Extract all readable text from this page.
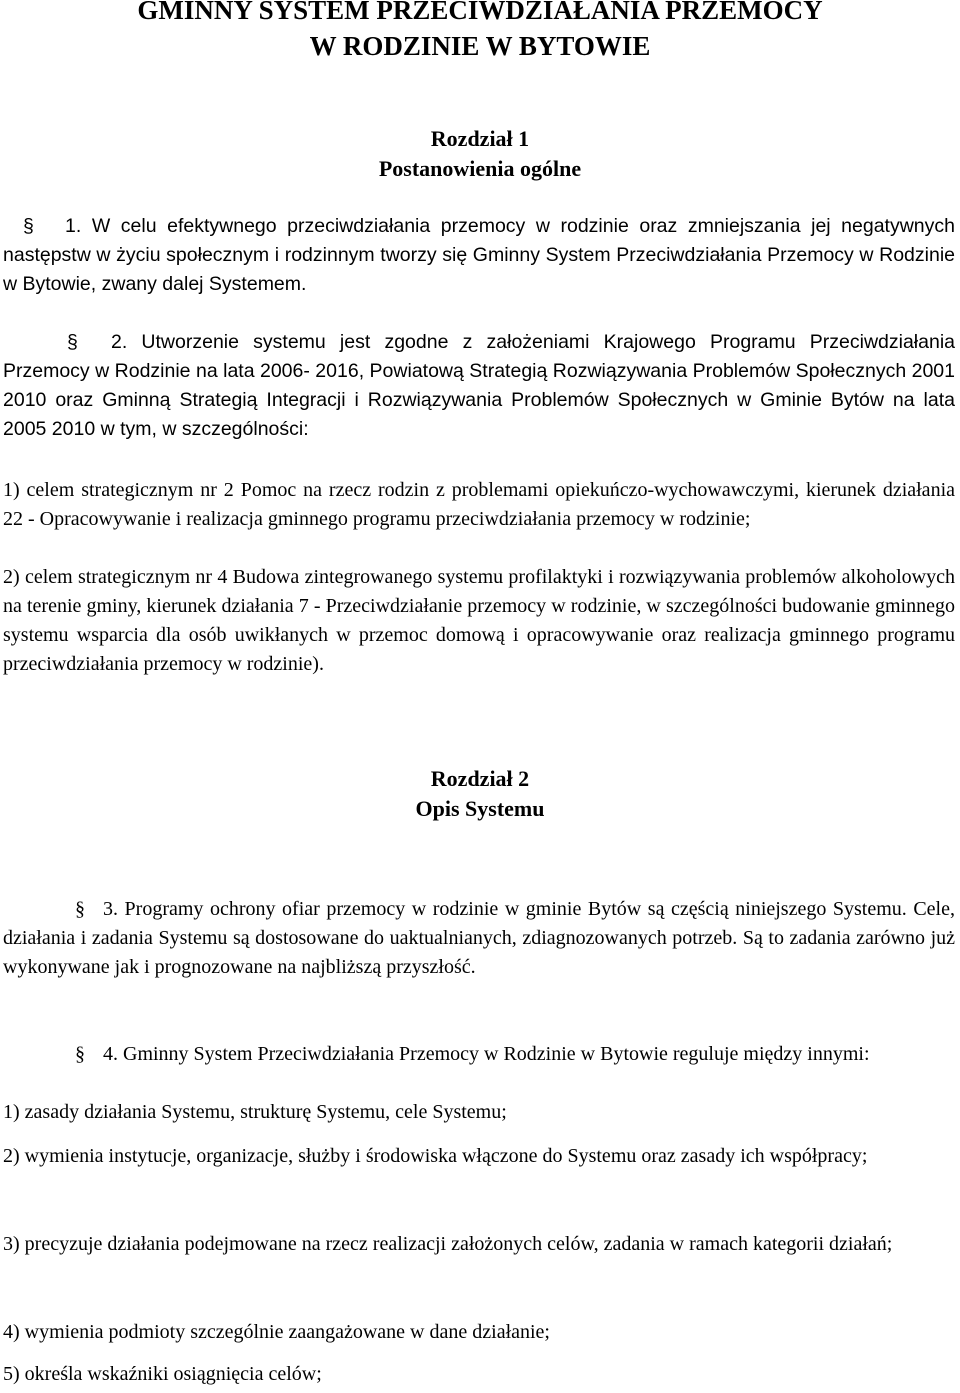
GMINNY SYSTEM PRZECIWDZIAŁANIA PRZEMOCY
W RODZINIE W BYTOWIE
Rozdział 1
Postanowienia ogólne

§ 1. W celu efektywnego przeciwdziałania przemocy w rodzinie oraz zmniejszania jej negatywnych następstw w życiu społecznym i rodzinnym tworzy się Gminny System Przeciwdziałania Przemocy w Rodzinie w Bytowie, zwany dalej Systemem.

§ 2. Utworzenie systemu jest zgodne z założeniami Krajowego Programu Przeciwdziałania Przemocy w Rodzinie na lata 2006- 2016, Powiatową Strategią Rozwiązywania Problemów Społecznych 2001 2010 oraz Gminną Strategią Integracji i Rozwiązywania Problemów Społecznych w Gminie Bytów na lata 2005 2010 w tym, w szczególności:

1) celem strategicznym nr 2 Pomoc na rzecz rodzin z problemami opiekuńczo-wychowawczymi, kierunek działania 22 - Opracowywanie i realizacja gminnego programu przeciwdziałania przemocy w rodzinie;

2) celem strategicznym nr 4 Budowa zintegrowanego systemu profilaktyki i rozwiązywania problemów alkoholowych na terenie gminy, kierunek działania 7 - Przeciwdziałanie przemocy w rodzinie, w szczególności budowanie gminnego systemu wsparcia dla osób uwikłanych w przemoc domową i opracowywanie oraz realizacja gminnego programu przeciwdziałania przemocy w rodzinie).

Rozdział 2
Opis Systemu

§ 3. Programy ochrony ofiar przemocy w rodzinie w gminie Bytów są częścią niniejszego Systemu. Cele, działania i zadania Systemu są dostosowane do uaktualnianych, zdiagnozowanych potrzeb. Są to zadania zarówno już wykonywane jak i prognozowane na najbliższą przyszłość.

§ 4. Gminny System Przeciwdziałania Przemocy w Rodzinie w Bytowie reguluje między innymi:

1) zasady działania Systemu, strukturę Systemu, cele Systemu;

2) wymienia instytucje, organizacje, służby i środowiska włączone do Systemu oraz zasady ich współpracy;

3) precyzuje działania podejmowane na rzecz realizacji założonych celów, zadania w ramach kategorii działań;

4) wymienia podmioty szczególnie zaangażowane w dane działanie;

5) określa wskaźniki osiągnięcia celów;
